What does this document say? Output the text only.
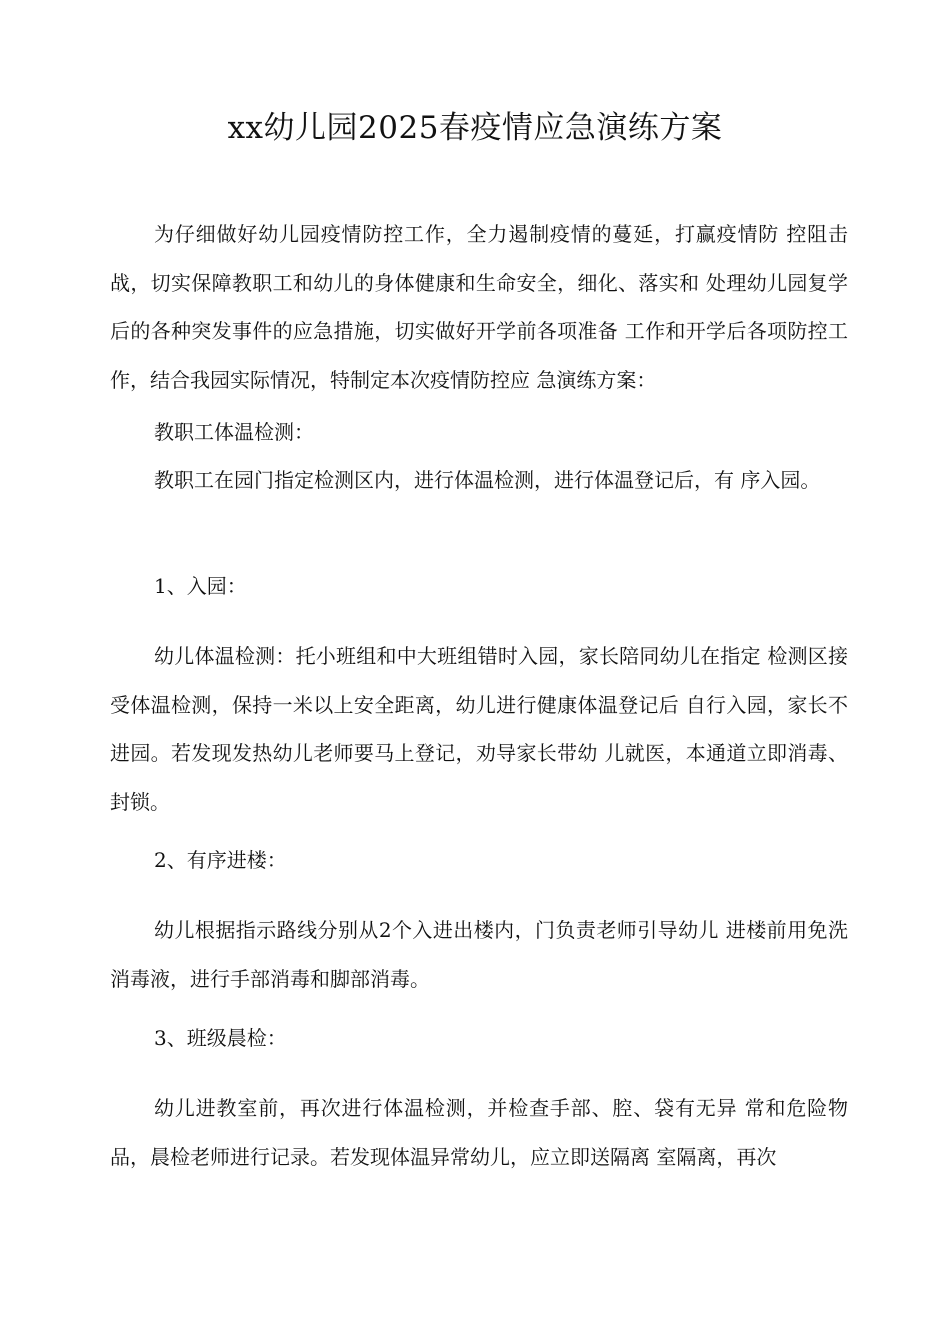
xx幼儿园2025春疫情应急演练方案

为仔细做好幼儿园疫情防控工作，全力遏制疫情的蔓延，打赢疫情防 控阻击战，切实保障教职工和幼儿的身体健康和生命安全，细化、落实和 处理幼儿园复学后的各种突发事件的应急措施，切实做好开学前各项准备 工作和开学后各项防控工作，结合我园实际情况，特制定本次疫情防控应 急演练方案：

教职工体温检测：

教职工在园门指定检测区内，进行体温检测，进行体温登记后，有 序入园。

1、入园：

幼儿体温检测：托小班组和中大班组错时入园，家长陪同幼儿在指定 检测区接受体温检测，保持一米以上安全距离，幼儿进行健康体温登记后 自行入园，家长不进园。若发现发热幼儿老师要马上登记，劝导家长带幼 儿就医，本通道立即消毒、封锁。

2、有序进楼：

幼儿根据指示路线分别从2个入进出楼内，门负责老师引导幼儿 进楼前用免洗消毒液，进行手部消毒和脚部消毒。

3、班级晨检：

幼儿进教室前，再次进行体温检测，并检查手部、腔、袋有无异 常和危险物品，晨检老师进行记录。若发现体温异常幼儿，应立即送隔离 室隔离，再次
